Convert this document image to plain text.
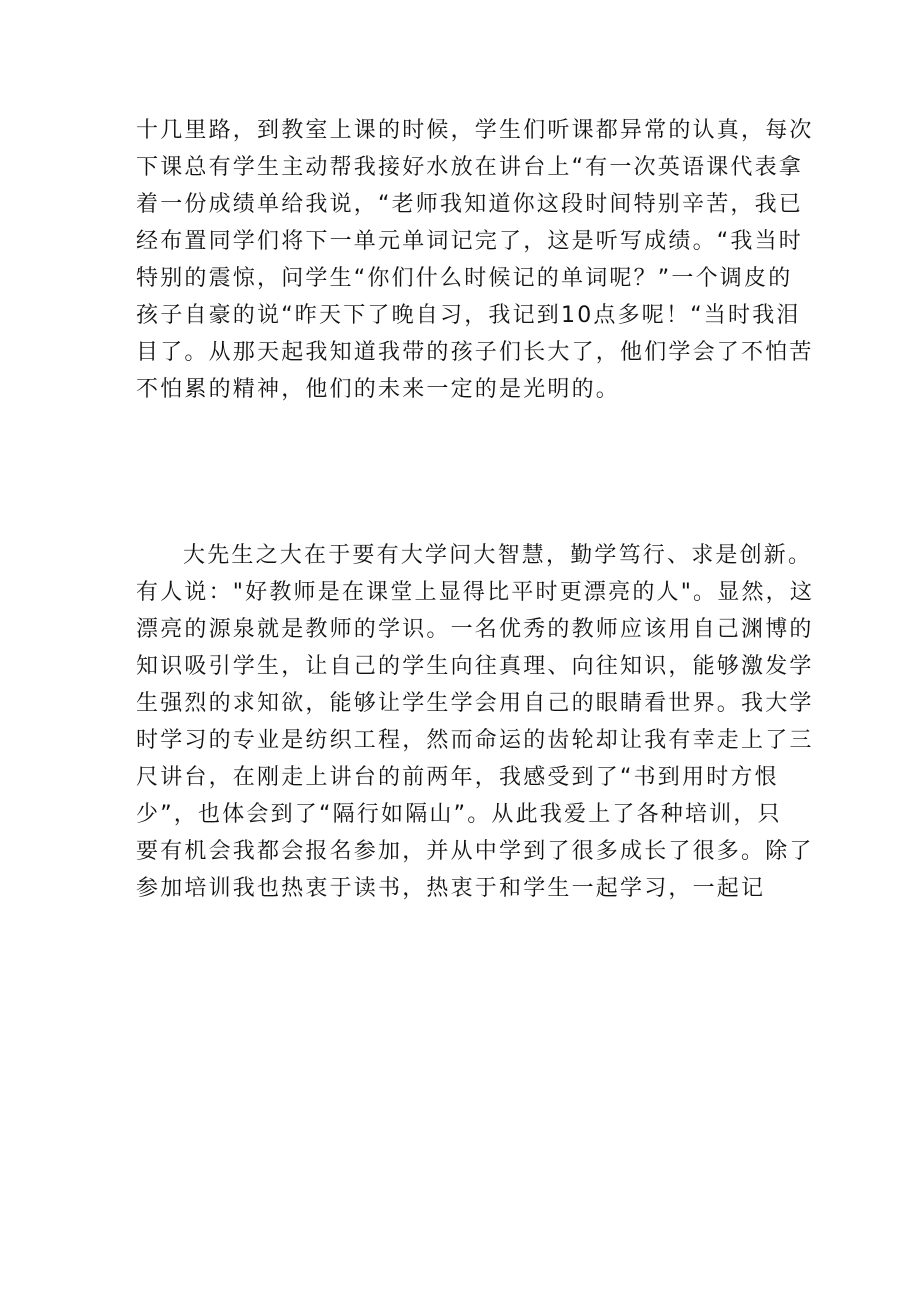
十几里路，到教室上课的时候，学生们听课都异常的认真，每次
下课总有学生主动帮我接好水放在讲台上“有一次英语课代表拿
着一份成绩单给我说，“老师我知道你这段时间特别辛苦，我已
经布置同学们将下一单元单词记完了，这是听写成绩。“我当时
特别的震惊，问学生“你们什么时候记的单词呢？”一个调皮的
孩子自豪的说“昨天下了晚自习，我记到10点多呢！“当时我泪
目了。从那天起我知道我带的孩子们长大了，他们学会了不怕苦
不怕累的精神，他们的未来一定的是光明的。
大先生之大在于要有大学问大智慧，勤学笃行、求是创新。
有人说："好教师是在课堂上显得比平时更漂亮的人"。显然，这
漂亮的源泉就是教师的学识。一名优秀的教师应该用自己渊博的
知识吸引学生，让自己的学生向往真理、向往知识，能够激发学
生强烈的求知欲，能够让学生学会用自己的眼睛看世界。我大学
时学习的专业是纺织工程，然而命运的齿轮却让我有幸走上了三
尺讲台，在刚走上讲台的前两年，我感受到了“书到用时方恨
少”，也体会到了“隔行如隔山”。从此我爱上了各种培训，只
要有机会我都会报名参加，并从中学到了很多成长了很多。除了
参加培训我也热衷于读书，热衷于和学生一起学习，一起记
